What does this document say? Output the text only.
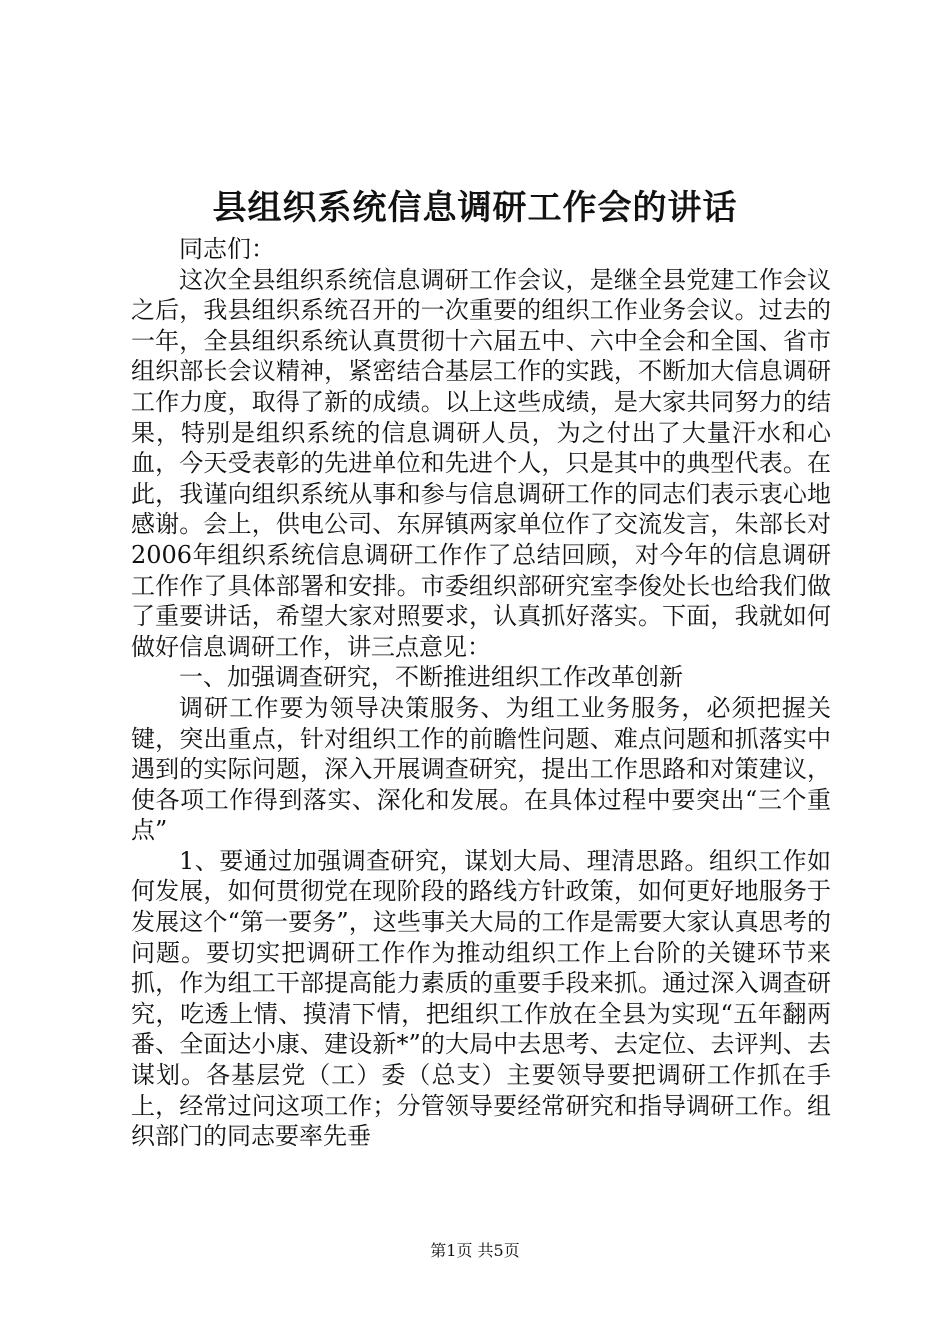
县组织系统信息调研工作会的讲话

同志们：

这次全县组织系统信息调研工作会议，是继全县党建工作会议之后，我县组织系统召开的一次重要的组织工作业务会议。过去的一年，全县组织系统认真贯彻十六届五中、六中全会和全国、省市组织部长会议精神，紧密结合基层工作的实践，不断加大信息调研工作力度，取得了新的成绩。以上这些成绩，是大家共同努力的结果，特别是组织系统的信息调研人员，为之付出了大量汗水和心血，今天受表彰的先进单位和先进个人，只是其中的典型代表。在此，我谨向组织系统从事和参与信息调研工作的同志们表示衷心地感谢。会上，供电公司、东屏镇两家单位作了交流发言，朱部长对2006年组织系统信息调研工作作了总结回顾，对今年的信息调研工作作了具体部署和安排。市委组织部研究室李俊处长也给我们做了重要讲话，希望大家对照要求，认真抓好落实。下面，我就如何做好信息调研工作，讲三点意见：

一、加强调查研究，不断推进组织工作改革创新

调研工作要为领导决策服务、为组工业务服务，必须把握关键，突出重点，针对组织工作的前瞻性问题、难点问题和抓落实中遇到的实际问题，深入开展调查研究，提出工作思路和对策建议，使各项工作得到落实、深化和发展。在具体过程中要突出“三个重点”

1、要通过加强调查研究，谋划大局、理清思路。组织工作如何发展，如何贯彻党在现阶段的路线方针政策，如何更好地服务于发展这个“第一要务”，这些事关大局的工作是需要大家认真思考的问题。要切实把调研工作作为推动组织工作上台阶的关键环节来抓，作为组工干部提高能力素质的重要手段来抓。通过深入调查研究，吃透上情、摸清下情，把组织工作放在全县为实现“五年翻两番、全面达小康、建设新*”的大局中去思考、去定位、去评判、去谋划。各基层党（工）委（总支）主要领导要把调研工作抓在手上，经常过问这项工作；分管领导要经常研究和指导调研工作。组织部门的同志要率先垂

第1页 共5页
